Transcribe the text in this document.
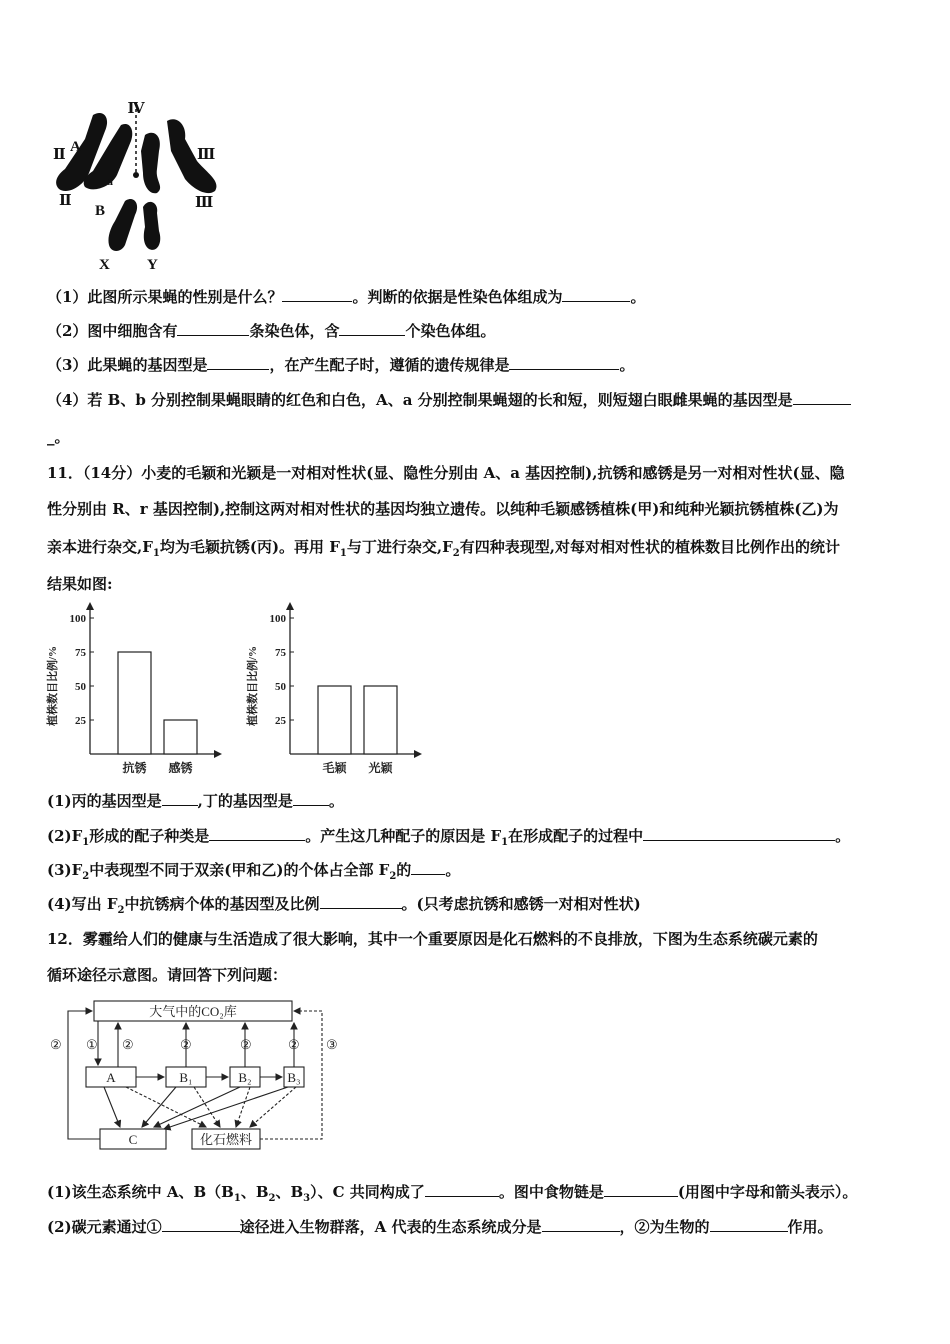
Ⅳ
Ⅱ
Ⅱ
Ⅲ
Ⅲ
A
a
B
X Y
（1）此图所示果蝇的性别是什么？	。判断的依据是性染色体组成为	。
（2）图中细胞含有	条染色体，含	个染色体组。
（3）此果蝇的基因型是	，在产生配子时，遵循的遗传规律是	。
（4）若 B、b 分别控制果蝇眼睛的红色和白色，A、a 分别控制果蝇翅的长和短，则短翅白眼雌果蝇的基因型是
_。
11．（14分）小麦的毛颖和光颖是一对相对性状(显、隐性分别由 A、a 基因控制),抗锈和感锈是另一对相对性状(显、隐
性分别由 R、r 基因控制),控制这两对相对性状的基因均独立遗传。以纯种毛颖感锈植株(甲)和纯种光颖抗锈植株(乙)为
亲本进行杂交$,F_1$均为毛颖抗锈(丙)。再用 $F_1$与丁进行杂交$,F_2$有四种表现型,对每对相对性状的植株数目比例作出的统计
结果如图:
植株数目比例/% 25
50
75
100
抗锈 感锈
植株数目比例/% 25
50
75
100
毛颖 光颖
(1)丙的基因型是 ,丁的基因型是 。
$(2)F_1$形成的配子种类是	。产生这几种配子的原因是 $F_1$在形成配子的过程中	。
$(3)F_2$中表现型不同于双亲(甲和乙)的个体占全部 $F_2$的 。
(4)写出 $F_2$中抗锈病个体的基因型及比例	。(只考虑抗锈和感锈一对相对性状)
12．雾霾给人们的健康与生活造成了很大影响，其中一个重要原因是化石燃料的不良排放，下图为生态系统碳元素的
循环途径示意图。请回答下列问题：
大气中的CO₂库
A	B₁	B₂	B₃
C	化石燃料
② ① ②	②	②	② ③
(1)该生态系统中 A、$B(B_1$、$B_2$、$B_3$）、C 共同构成了	。图中食物链是	(用图中字母和箭头表示）。
(2)碳元素通过①	途径进入生物群落，A 代表的生态系统成分是	，②为生物的	作用。
